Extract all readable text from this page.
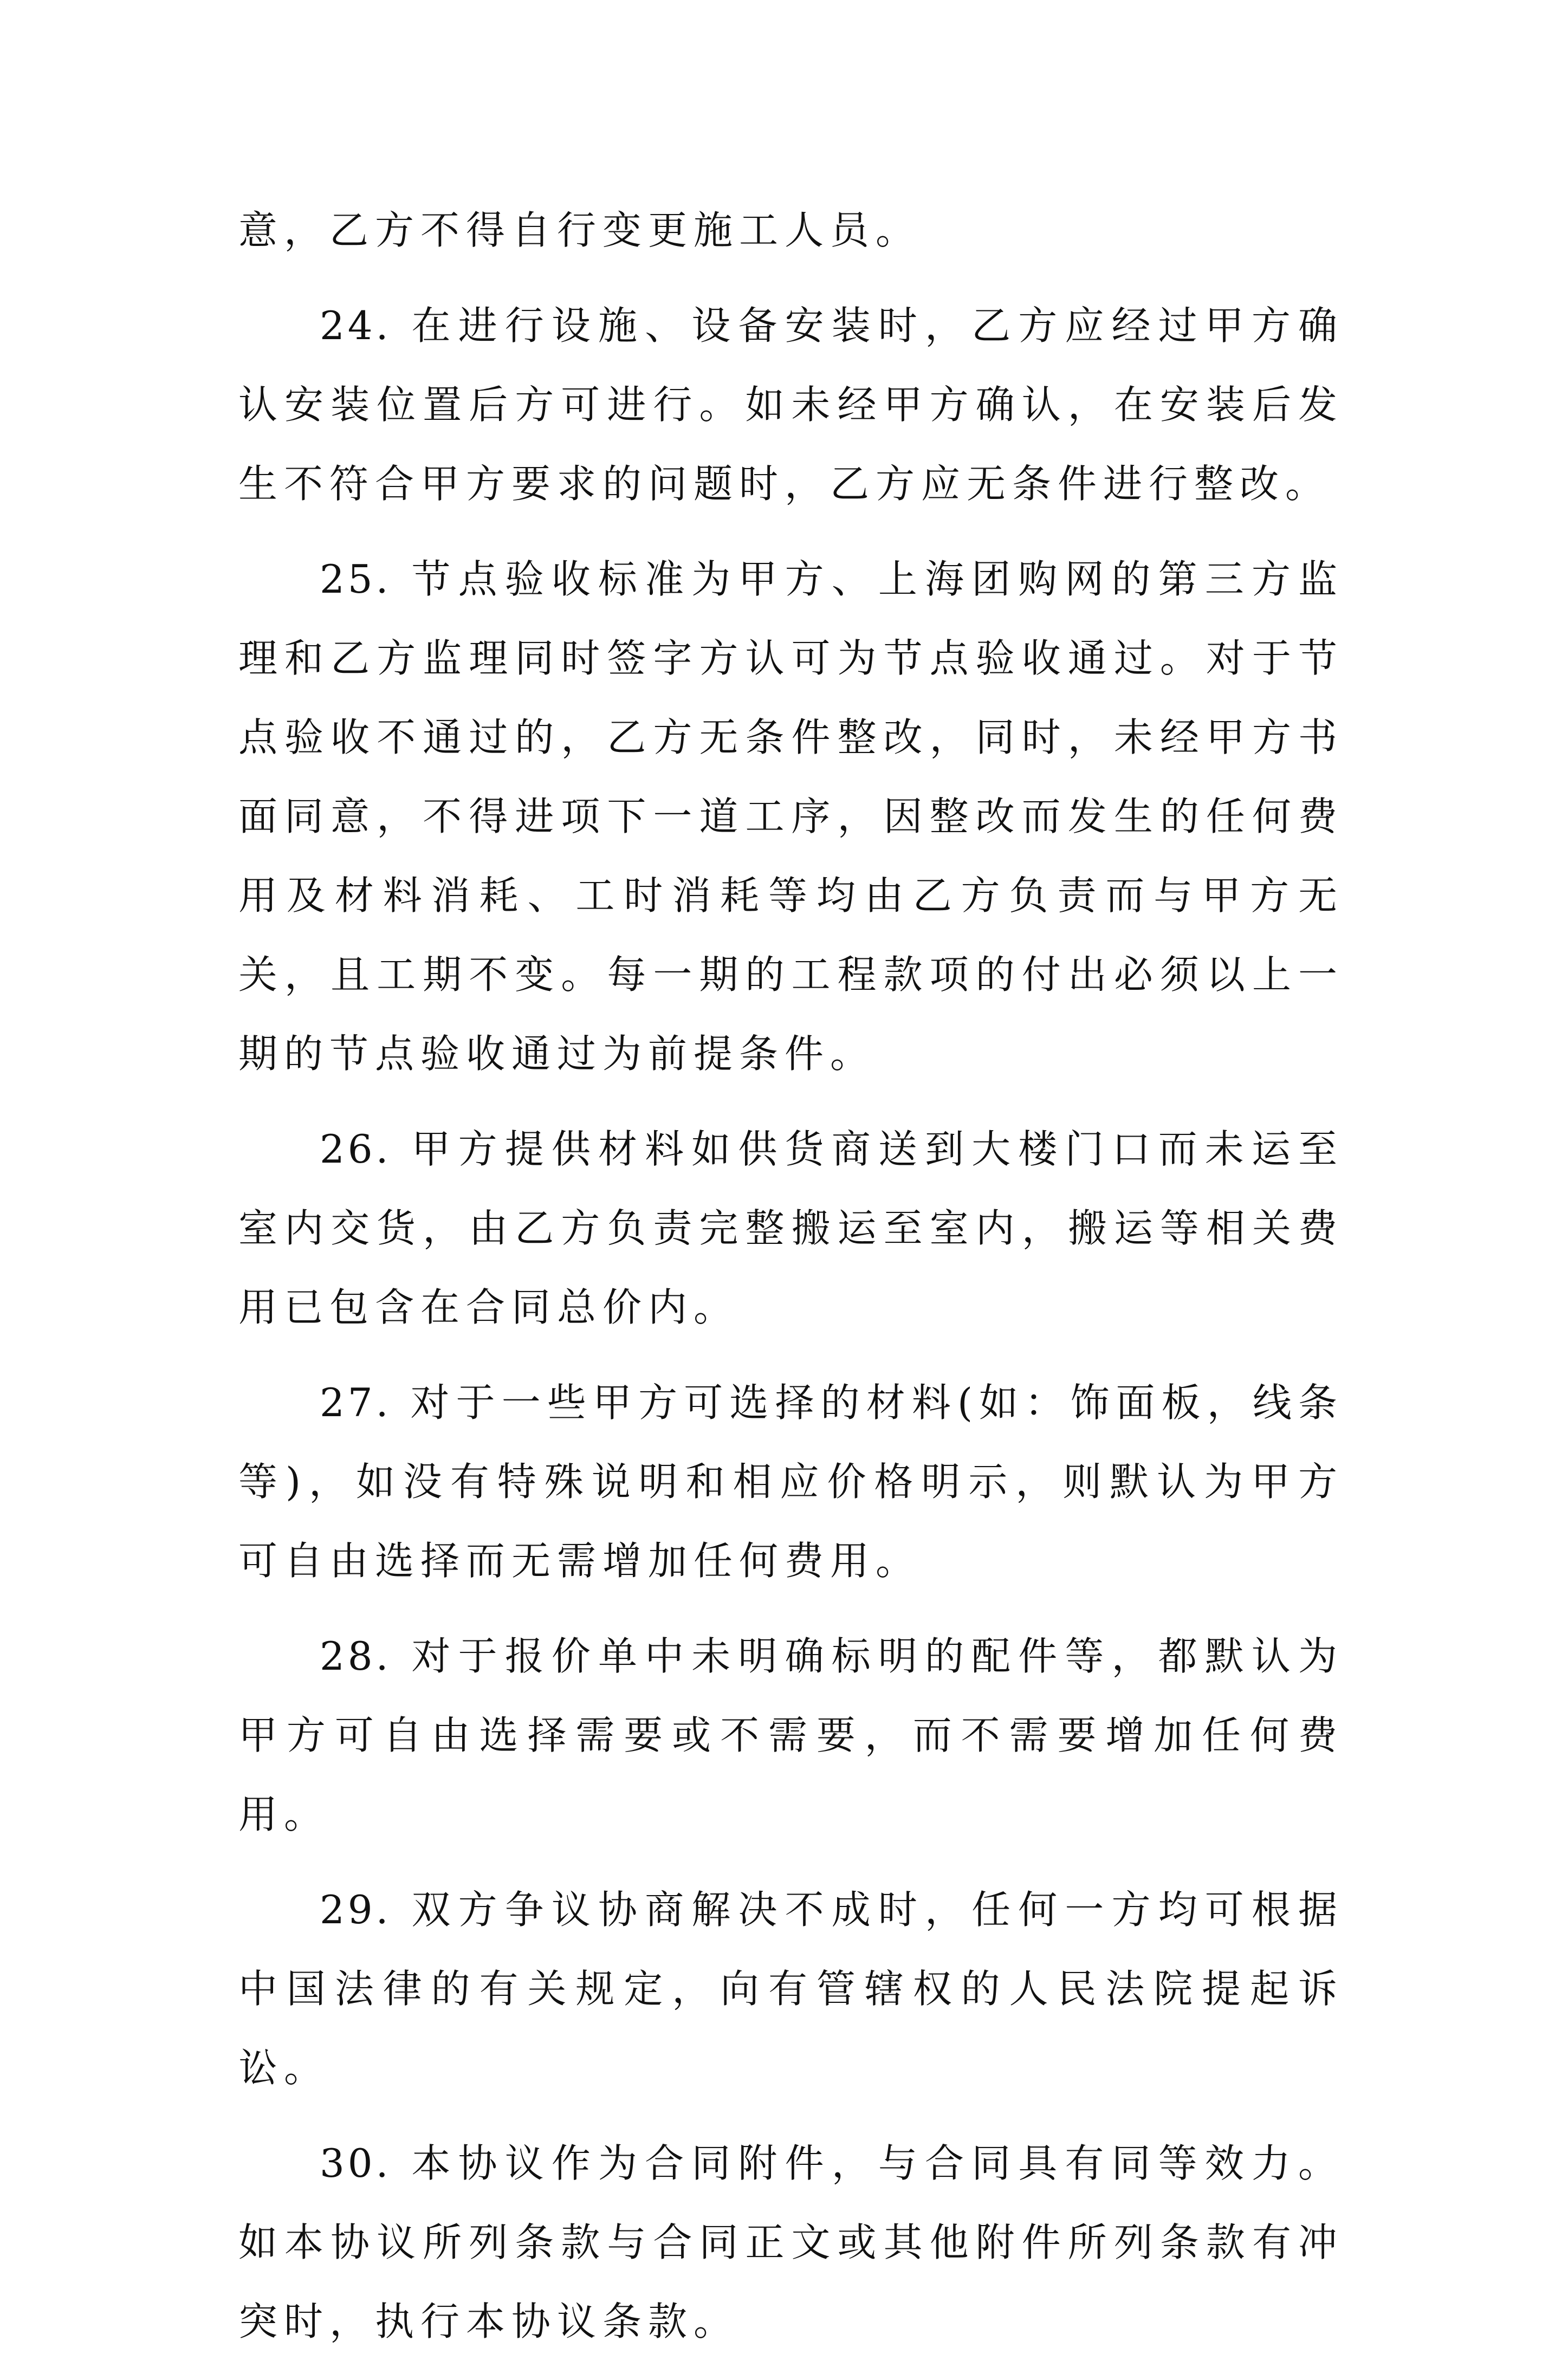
意，乙方不得自行变更施工人员。

24. 在进行设施、设备安装时，乙方应经过甲方确认安装位置后方可进行。如未经甲方确认，在安装后发生不符合甲方要求的问题时，乙方应无条件进行整改。

25. 节点验收标准为甲方、上海团购网的第三方监理和乙方监理同时签字方认可为节点验收通过。对于节点验收不通过的，乙方无条件整改，同时，未经甲方书面同意，不得进项下一道工序，因整改而发生的任何费用及材料消耗、工时消耗等均由乙方负责而与甲方无关，且工期不变。每一期的工程款项的付出必须以上一期的节点验收通过为前提条件。

26. 甲方提供材料如供货商送到大楼门口而未运至室内交货，由乙方负责完整搬运至室内，搬运等相关费用已包含在合同总价内。

27. 对于一些甲方可选择的材料(如：饰面板，线条等)，如没有特殊说明和相应价格明示，则默认为甲方可自由选择而无需增加任何费用。

28. 对于报价单中未明确标明的配件等，都默认为甲方可自由选择需要或不需要，而不需要增加任何费用。

29. 双方争议协商解决不成时，任何一方均可根据中国法律的有关规定，向有管辖权的人民法院提起诉讼。

30. 本协议作为合同附件，与合同具有同等效力。如本协议所列条款与合同正文或其他附件所列条款有冲突时，执行本协议条款。
